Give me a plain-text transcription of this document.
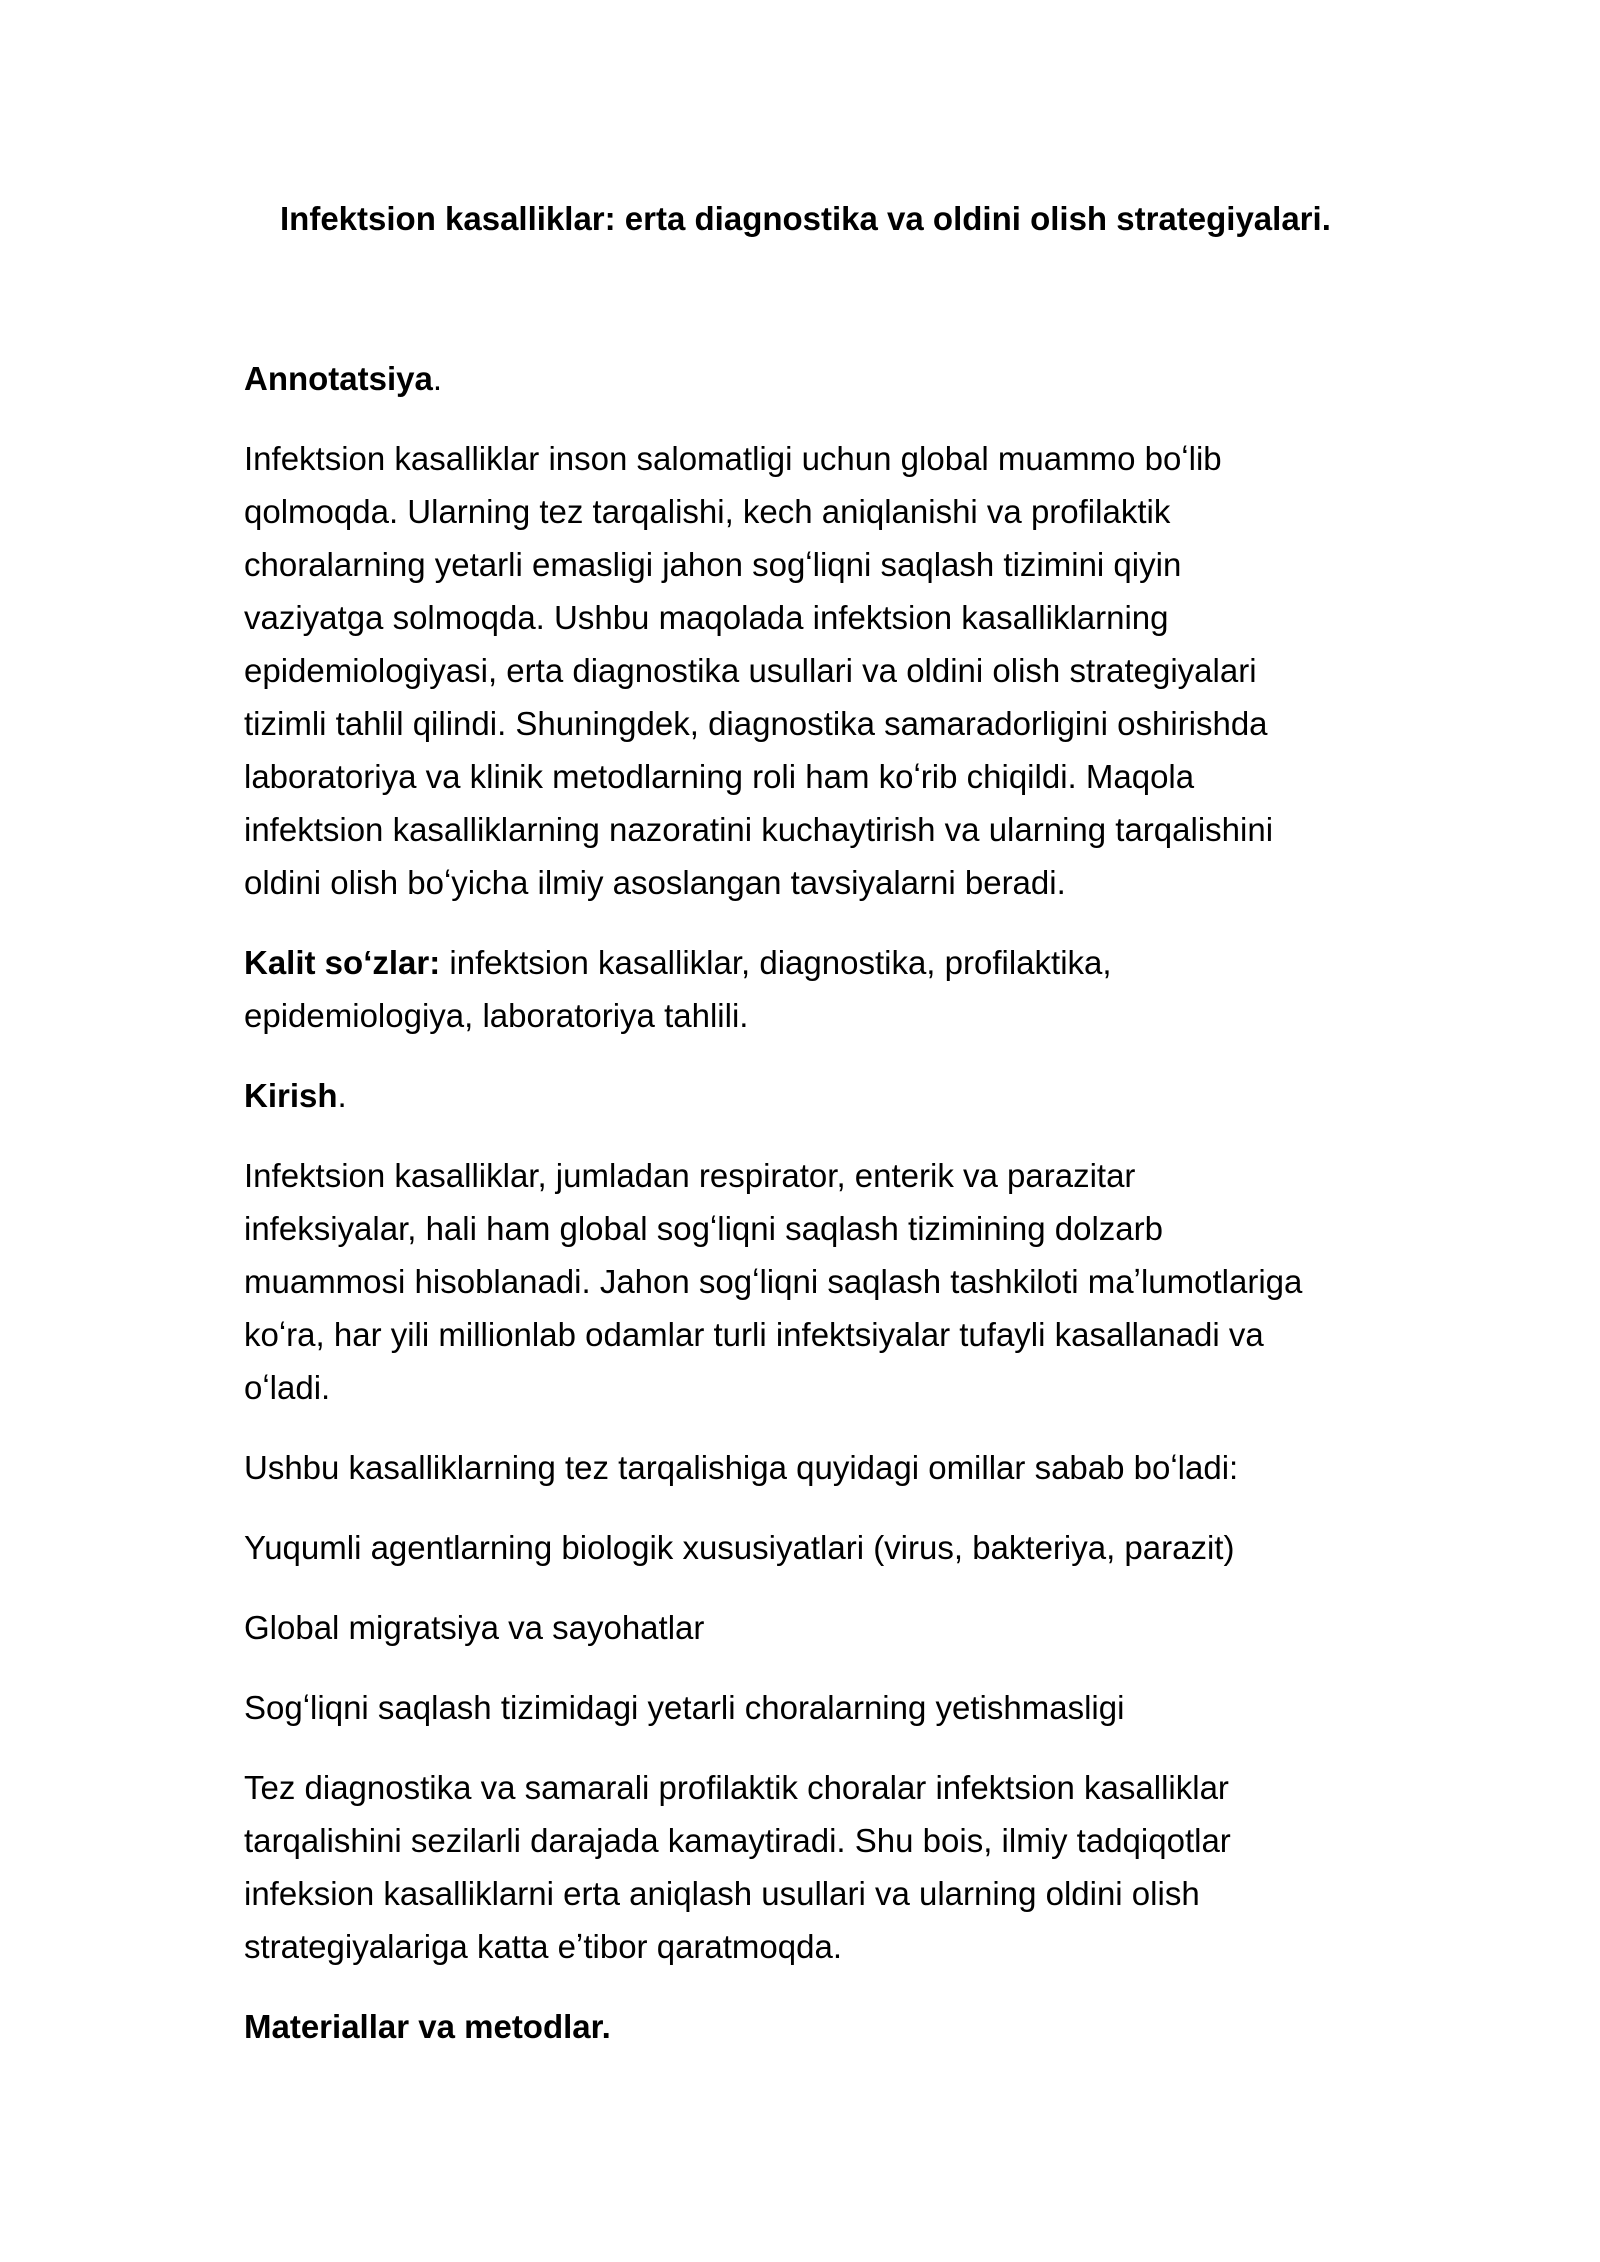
Infektsion kasalliklar: erta diagnostika va oldini olish strategiyalari.
Annotatsiya.

Infektsion kasalliklar inson salomatligi uchun global muammo boʻlib
qolmoqda. Ularning tez tarqalishi, kech aniqlanishi va profilaktik
choralarning yetarli emasligi jahon sogʻliqni saqlash tizimini qiyin
vaziyatga solmoqda. Ushbu maqolada infektsion kasalliklarning
epidemiologiyasi, erta diagnostika usullari va oldini olish strategiyalari
tizimli tahlil qilindi. Shuningdek, diagnostika samaradorligini oshirishda
laboratoriya va klinik metodlarning roli ham koʻrib chiqildi. Maqola
infektsion kasalliklarning nazoratini kuchaytirish va ularning tarqalishini
oldini olish boʻyicha ilmiy asoslangan tavsiyalarni beradi.

Kalit soʻzlar: infektsion kasalliklar, diagnostika, profilaktika,
epidemiologiya, laboratoriya tahlili.

Kirish.

Infektsion kasalliklar, jumladan respirator, enterik va parazitar
infeksiyalar, hali ham global sogʻliqni saqlash tizimining dolzarb
muammosi hisoblanadi. Jahon sogʻliqni saqlash tashkiloti maʼlumotlariga
koʻra, har yili millionlab odamlar turli infektsiyalar tufayli kasallanadi va
oʻladi.

Ushbu kasalliklarning tez tarqalishiga quyidagi omillar sabab boʻladi:

Yuqumli agentlarning biologik xususiyatlari (virus, bakteriya, parazit)

Global migratsiya va sayohatlar

Sogʻliqni saqlash tizimidagi yetarli choralarning yetishmasligi

Tez diagnostika va samarali profilaktik choralar infektsion kasalliklar
tarqalishini sezilarli darajada kamaytiradi. Shu bois, ilmiy tadqiqotlar
infeksion kasalliklarni erta aniqlash usullari va ularning oldini olish
strategiyalariga katta eʼtibor qaratmoqda.

Materiallar va metodlar.
